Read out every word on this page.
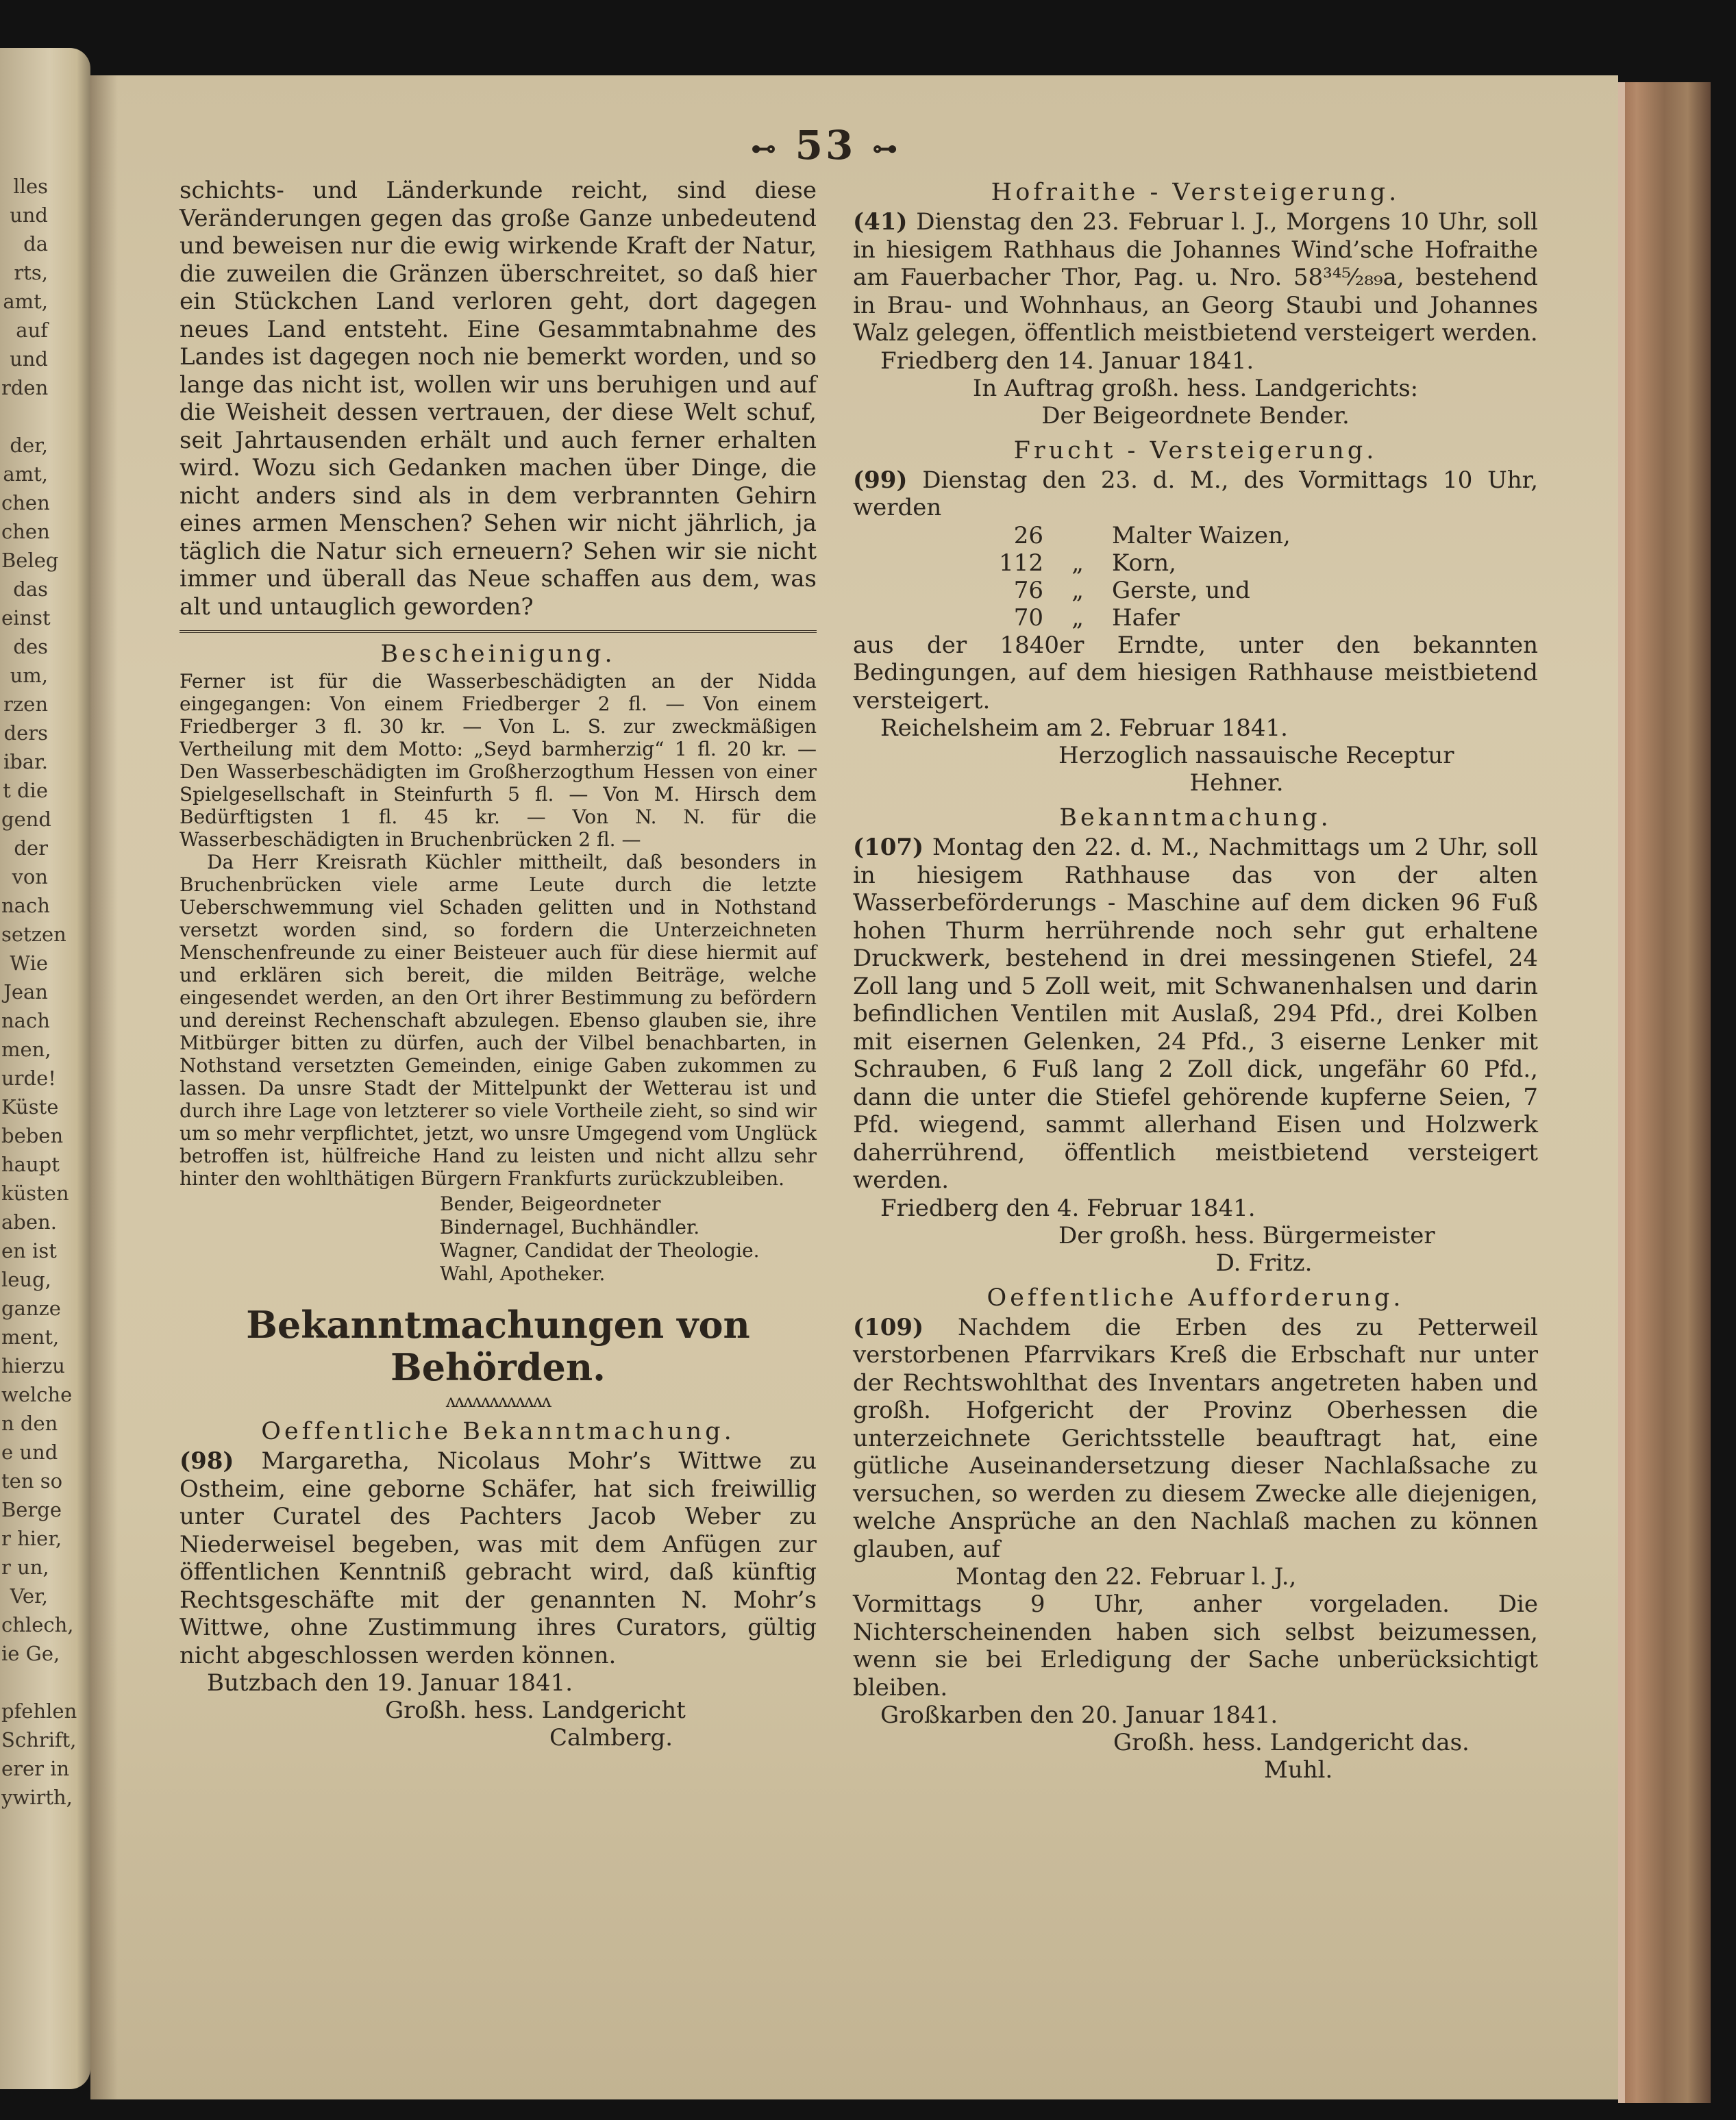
lles
und
da
rts,
amt,
auf
und
rden
der,
amt,
chen
chen
Beleg
das
einst
des
um,
rzen
ders
ibar.
t die
gend
der
von
nach
setzen
Wie
Jean
nach
men,
urde!
Küste
beben
haupt
küsten
aben.
en ist
leug,
ganze
ment,
hierzu
welche
n den
e und
ten so
Berge
r hier,
r un,
Ver,
chlech,
ie Ge,
pfehlen
Schrift,
erer in
ywirth,
⊷ 53 ⊶

schichts- und Länderkunde reicht, sind diese Veränderungen gegen das große Ganze unbedeutend und beweisen nur die ewig wirkende Kraft der Natur, die zuweilen die Gränzen überschreitet, so daß hier ein Stückchen Land verloren geht, dort dagegen neues Land entsteht. Eine Gesammtabnahme des Landes ist dagegen noch nie bemerkt worden, und so lange das nicht ist, wollen wir uns beruhigen und auf die Weisheit dessen vertrauen, der diese Welt schuf, seit Jahrtausenden erhält und auch ferner erhalten wird. Wozu sich Gedanken machen über Dinge, die nicht anders sind als in dem verbrannten Gehirn eines armen Menschen? Sehen wir nicht jährlich, ja täglich die Natur sich erneuern? Sehen wir sie nicht immer und überall das Neue schaffen aus dem, was alt und untauglich geworden?

Bescheinigung.

Ferner ist für die Wasserbeschädigten an der Nidda eingegangen: Von einem Friedberger 2 fl. — Von einem Friedberger 3 fl. 30 kr. — Von L. S. zur zweckmäßigen Vertheilung mit dem Motto: „Seyd barmherzig“ 1 fl. 20 kr. — Den Wasserbeschädigten im Großherzogthum Hessen von einer Spielgesellschaft in Steinfurth 5 fl. — Von M. Hirsch dem Bedürftigsten 1 fl. 45 kr. — Von N. N. für die Wasserbeschädigten in Bruchenbrücken 2 fl. —

Da Herr Kreisrath Küchler mittheilt, daß besonders in Bruchenbrücken viele arme Leute durch die letzte Ueberschwemmung viel Schaden gelitten und in Nothstand versetzt worden sind, so fordern die Unterzeichneten Menschenfreunde zu einer Beisteuer auch für diese hiermit auf und erklären sich bereit, die milden Beiträge, welche eingesendet werden, an den Ort ihrer Bestimmung zu befördern und dereinst Rechenschaft abzulegen. Ebenso glauben sie, ihre Mitbürger bitten zu dürfen, auch der Vilbel benachbarten, in Nothstand versetzten Gemeinden, einige Gaben zukommen zu lassen. Da unsre Stadt der Mittelpunkt der Wetterau ist und durch ihre Lage von letzterer so viele Vortheile zieht, so sind wir um so mehr verpflichtet, jetzt, wo unsre Umgegend vom Unglück betroffen ist, hülfreiche Hand zu leisten und nicht allzu sehr hinter den wohlthätigen Bürgern Frankfurts zurückzubleiben.

Bender, Beigeordneter
Bindernagel, Buchhändler.
Wagner, Candidat der Theologie.
Wahl, Apotheker.
Bekanntmachungen von Behörden.
ʌʌʌʌʌʌʌʌʌʌʌʌ

Oeffentliche Bekanntmachung.

(98) Margaretha, Nicolaus Mohr’s Wittwe zu Ostheim, eine geborne Schäfer, hat sich freiwillig unter Curatel des Pachters Jacob Weber zu Niederweisel begeben, was mit dem Anfügen zur öffentlichen Kenntniß gebracht wird, daß künftig Rechtsgeschäfte mit der genannten N. Mohr’s Wittwe, ohne Zustimmung ihres Curators, gültig nicht abgeschlossen werden können.

Butzbach den 19. Januar 1841.

Großh. hess. Landgericht

Calmberg.

Hofraithe - Versteigerung.

(41) Dienstag den 23. Februar l. J., Morgens 10 Uhr, soll in hiesigem Rathhaus die Johannes Wind’sche Hofraithe am Fauerbacher Thor, Pag. u. Nro. 58³⁴⁵⁄₂₈₉a, bestehend in Brau- und Wohnhaus, an Georg Staubi und Johannes Walz gelegen, öffentlich meistbietend versteigert werden.

Friedberg den 14. Januar 1841.

In Auftrag großh. hess. Landgerichts:

Der Beigeordnete Bender.

Frucht - Versteigerung.

(99) Dienstag den 23. d. M., des Vormittags 10 Uhr, werden

26	Malter Waizen,
112 „ Korn,
76 „ Gerste, und
70 „ Hafer

aus der 1840er Erndte, unter den bekannten Bedingungen, auf dem hiesigen Rathhause meistbietend versteigert.

Reichelsheim am 2. Februar 1841.

Herzoglich nassauische Receptur

Hehner.

Bekanntmachung.

(107) Montag den 22. d. M., Nachmittags um 2 Uhr, soll in hiesigem Rathhause das von der alten Wasserbeförderungs - Maschine auf dem dicken 96 Fuß hohen Thurm herrührende noch sehr gut erhaltene Druckwerk, bestehend in drei messingenen Stiefel, 24 Zoll lang und 5 Zoll weit, mit Schwanenhalsen und darin befindlichen Ventilen mit Auslaß, 294 Pfd., drei Kolben mit eisernen Gelenken, 24 Pfd., 3 eiserne Lenker mit Schrauben, 6 Fuß lang 2 Zoll dick, ungefähr 60 Pfd., dann die unter die Stiefel gehörende kupferne Seien, 7 Pfd. wiegend, sammt allerhand Eisen und Holzwerk daherrührend, öffentlich meistbietend versteigert werden.

Friedberg den 4. Februar 1841.

Der großh. hess. Bürgermeister

D. Fritz.

Oeffentliche Aufforderung.

(109) Nachdem die Erben des zu Petterweil verstorbenen Pfarrvikars Kreß die Erbschaft nur unter der Rechtswohlthat des Inventars angetreten haben und großh. Hofgericht der Provinz Oberhessen die unterzeichnete Gerichtsstelle beauftragt hat, eine gütliche Auseinandersetzung dieser Nachlaßsache zu versuchen, so werden zu diesem Zwecke alle diejenigen, welche Ansprüche an den Nachlaß machen zu können glauben, auf

Montag den 22. Februar l. J.,

Vormittags 9 Uhr, anher vorgeladen. Die Nichterscheinenden haben sich selbst beizumessen, wenn sie bei Erledigung der Sache unberücksichtigt bleiben.

Großkarben den 20. Januar 1841.

Großh. hess. Landgericht das.

Muhl.
